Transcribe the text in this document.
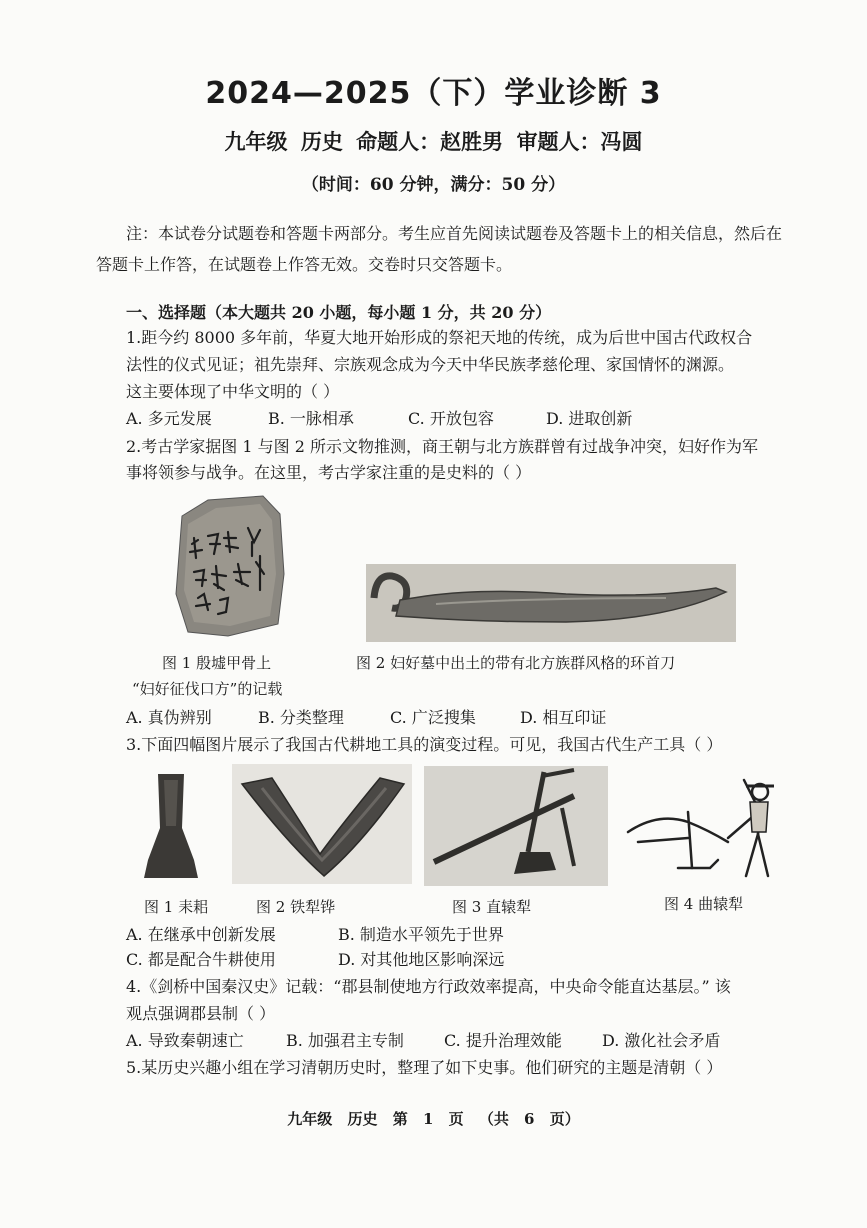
2024—2025（下）学业诊断 3
九年级 历史 命题人：赵胜男 审题人：冯圆
（时间：60 分钟，满分：50 分）
注：本试卷分试题卷和答题卡两部分。考生应首先阅读试题卷及答题卡上的相关信息，然后在答题卡上作答，在试题卷上作答无效。交卷时只交答题卡。
一、选择题（本大题共 20 小题，每小题 1 分，共 20 分）
1.距今约 8000 多年前，华夏大地开始形成的祭祀天地的传统，成为后世中国古代政权合
法性的仪式见证；祖先崇拜、宗族观念成为今天中华民族孝慈伦理、家国情怀的渊源。
这主要体现了中华文明的（ ）
A. 多元发展	B. 一脉相承	C. 开放包容	D. 进取创新
2.考古学家据图 1 与图 2 所示文物推测，商王朝与北方族群曾有过战争冲突，妇好作为军
事将领参与战争。在这里，考古学家注重的是史料的（ ）
图 1 殷墟甲骨上
“妇好征伐口方”的记载
图 2 妇好墓中出土的带有北方族群风格的环首刀
A. 真伪辨别	B. 分类整理	C. 广泛搜集	D. 相互印证
3.下面四幅图片展示了我国古代耕地工具的演变过程。可见，我国古代生产工具（ ）
图 1 耒耜	图 2 铁犁铧	图 3 直辕犁	图 4 曲辕犁
A. 在继承中创新发展	B. 制造水平领先于世界
C. 都是配合牛耕使用	D. 对其他地区影响深远
4.《剑桥中国秦汉史》记载：“郡县制使地方行政效率提高，中央命令能直达基层。” 该
观点强调郡县制（ ）
A. 导致秦朝速亡	B. 加强君主专制	C. 提升治理效能	D. 激化社会矛盾
5.某历史兴趣小组在学习清朝历史时，整理了如下史事。他们研究的主题是清朝（ ）
九年级 历史 第 1 页 （共 6 页）
